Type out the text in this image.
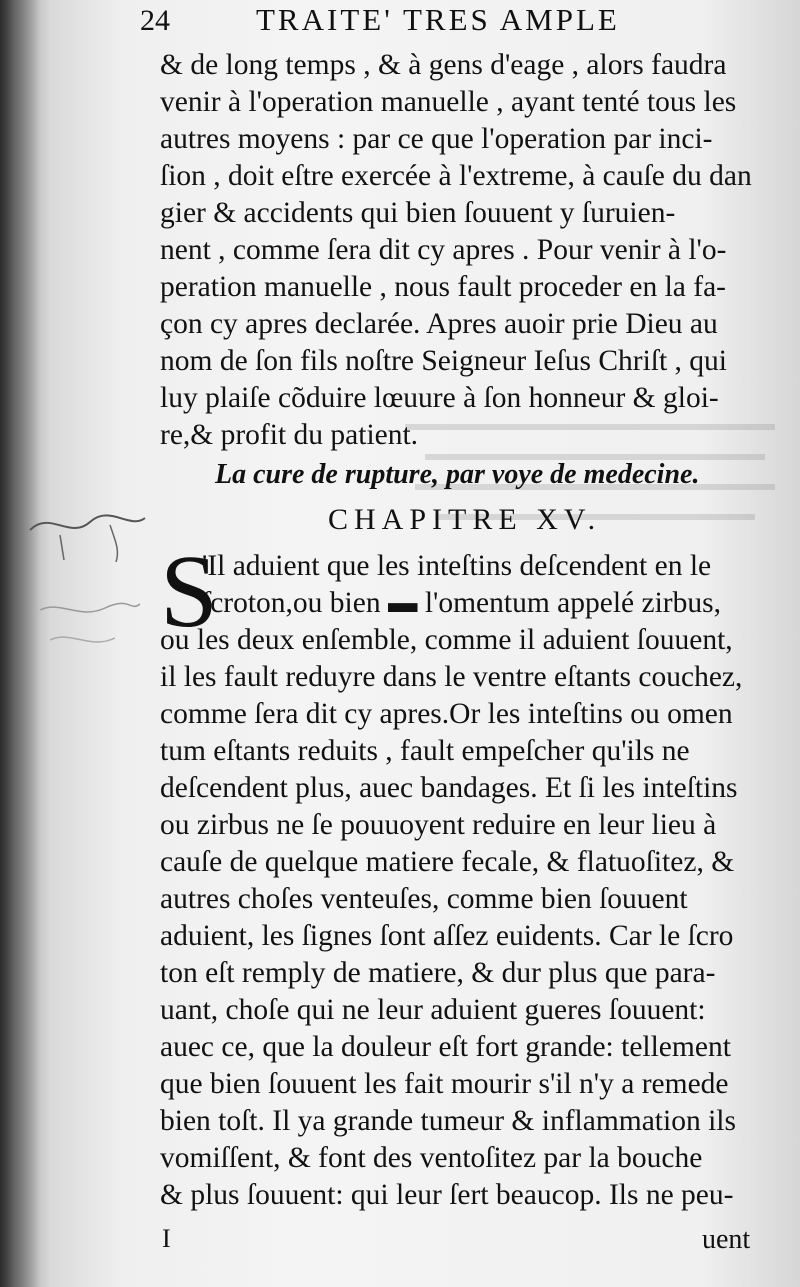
24	TRAITE' TRES AMPLE
& de long temps , & à gens d'eage , alors faudra
venir à l'operation manuelle , ayant tenté tous les
autres moyens : par ce que l'operation par inci-
ſion , doit eſtre exercée à l'extreme, à cauſe du dan
gier & accidents qui bien ſouuent y ſuruien-
nent , comme ſera dit cy apres . Pour venir à l'o-
peration manuelle , nous fault proceder en la fa-
çon cy apres declarée. Apres auoir prie Dieu au
nom de ſon fils noſtre Seigneur Ieſus Chriſt , qui
luy plaiſe cõduire lœuure à ſon honneur & gloi-
re,& profit du patient.
La cure de rupture, par voye de medecine.
CHAPITRE XV.
S
'Il aduient que les inteſtins deſcendent en le
ſcroton,ou bien ▬ l'omentum appelé zirbus,
ou les deux enſemble, comme il aduient ſouuent,
il les fault reduyre dans le ventre eſtants couchez,
comme ſera dit cy apres.Or les inteſtins ou omen
tum eſtants reduits , fault empeſcher qu'ils ne
deſcendent plus, auec bandages. Et ſi les inteſtins
ou zirbus ne ſe pouuoyent reduire en leur lieu à
cauſe de quelque matiere fecale, & flatuoſitez, &
autres choſes venteuſes, comme bien ſouuent
aduient, les ſignes ſont aſſez euidents. Car le ſcro
ton eſt remply de matiere, & dur plus que para-
uant, choſe qui ne leur aduient gueres ſouuent:
auec ce, que la douleur eſt fort grande: tellement
que bien ſouuent les fait mourir s'il n'y a remede
bien toſt. Il ya grande tumeur & inflammation ils
vomiſſent, & font des ventoſitez par la bouche
& plus ſouuent: qui leur ſert beaucop. Ils ne peu-
I	uent
